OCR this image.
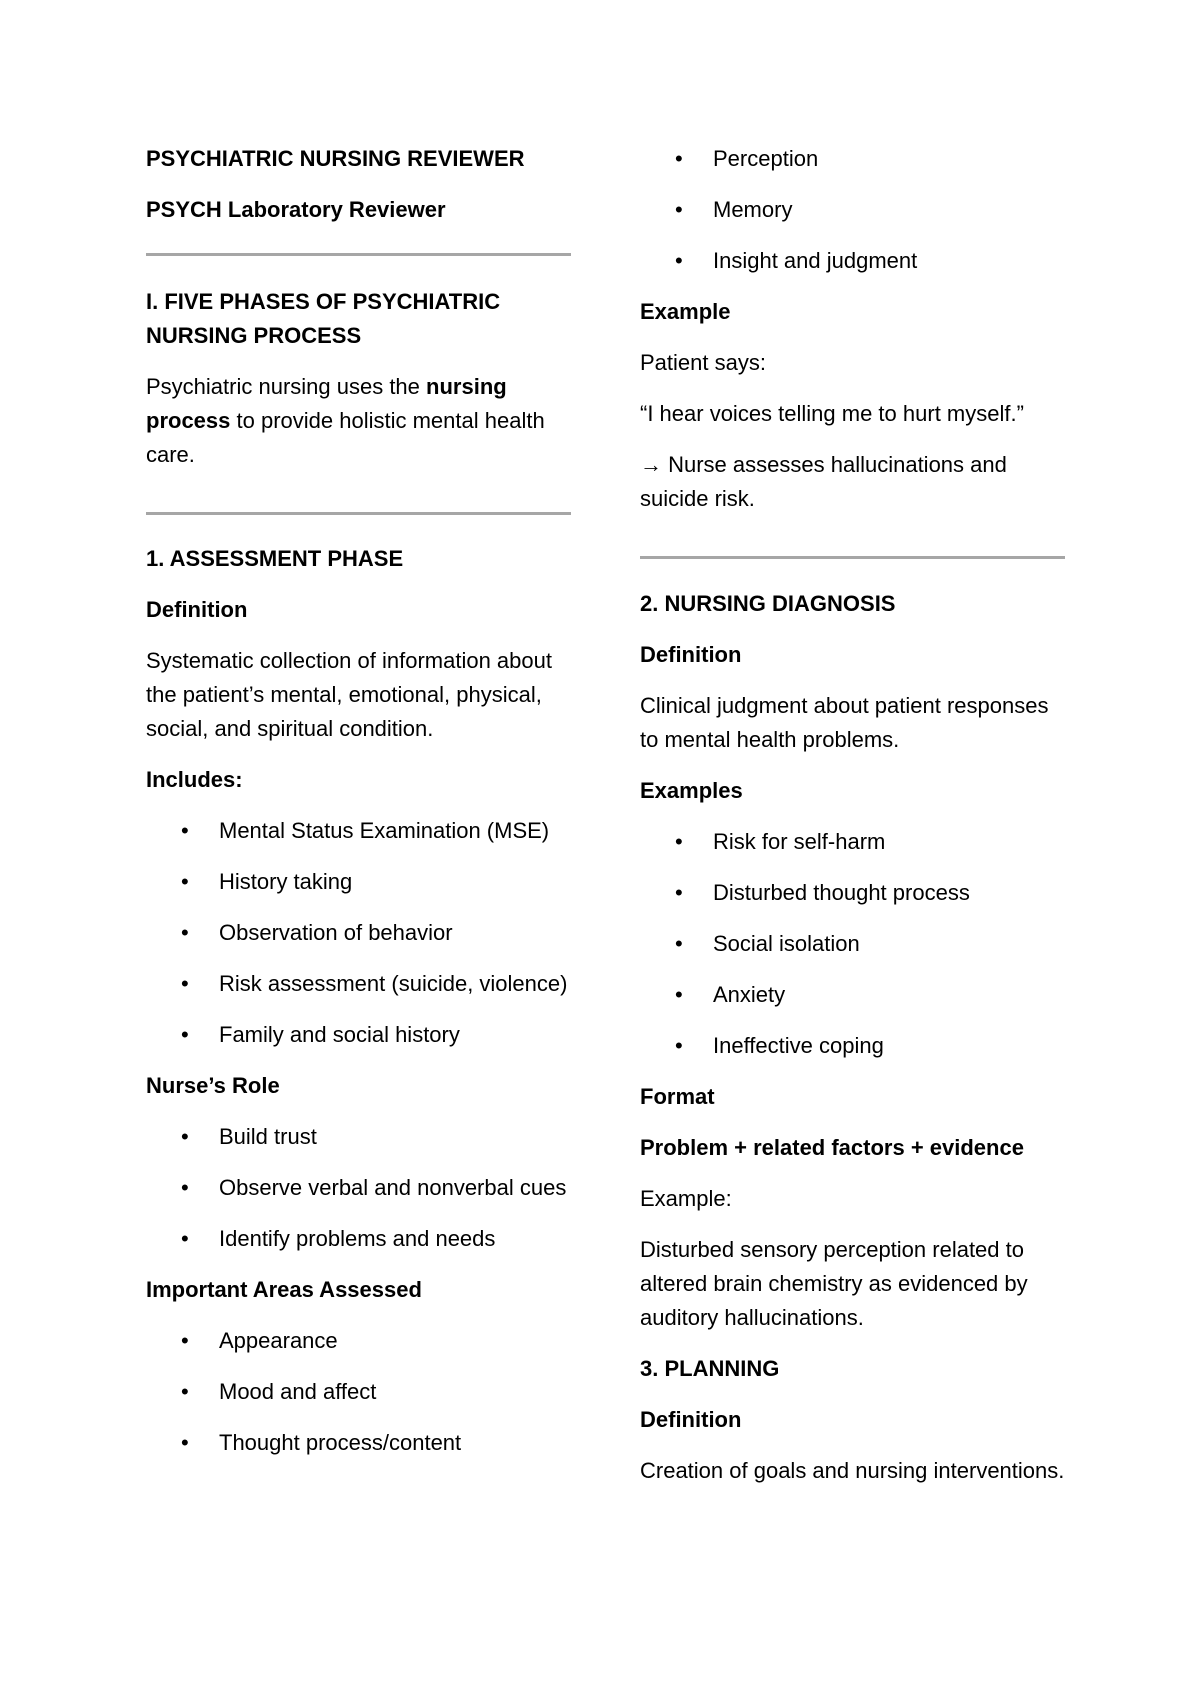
PSYCHIATRIC NURSING REVIEWER

PSYCH Laboratory Reviewer

I. FIVE PHASES OF PSYCHIATRIC NURSING PROCESS

Psychiatric nursing uses the nursing process to provide holistic mental health care.

1. ASSESSMENT PHASE

Definition

Systematic collection of information about the patient’s mental, emotional, physical, social, and spiritual condition.

Includes:

• Mental Status Examination (MSE)
• History taking
• Observation of behavior
• Risk assessment (suicide, violence)
• Family and social history

Nurse’s Role

• Build trust
• Observe verbal and nonverbal cues
• Identify problems and needs

Important Areas Assessed

• Appearance
• Mood and affect
• Thought process/content
• Perception
• Memory
• Insight and judgment

Example

Patient says:

“I hear voices telling me to hurt myself.”

→ Nurse assesses hallucinations and suicide risk.

2. NURSING DIAGNOSIS

Definition

Clinical judgment about patient responses to mental health problems.

Examples

• Risk for self-harm
• Disturbed thought process
• Social isolation
• Anxiety
• Ineffective coping

Format

Problem + related factors + evidence

Example:

Disturbed sensory perception related to altered brain chemistry as evidenced by auditory hallucinations.

3. PLANNING

Definition

Creation of goals and nursing interventions.
